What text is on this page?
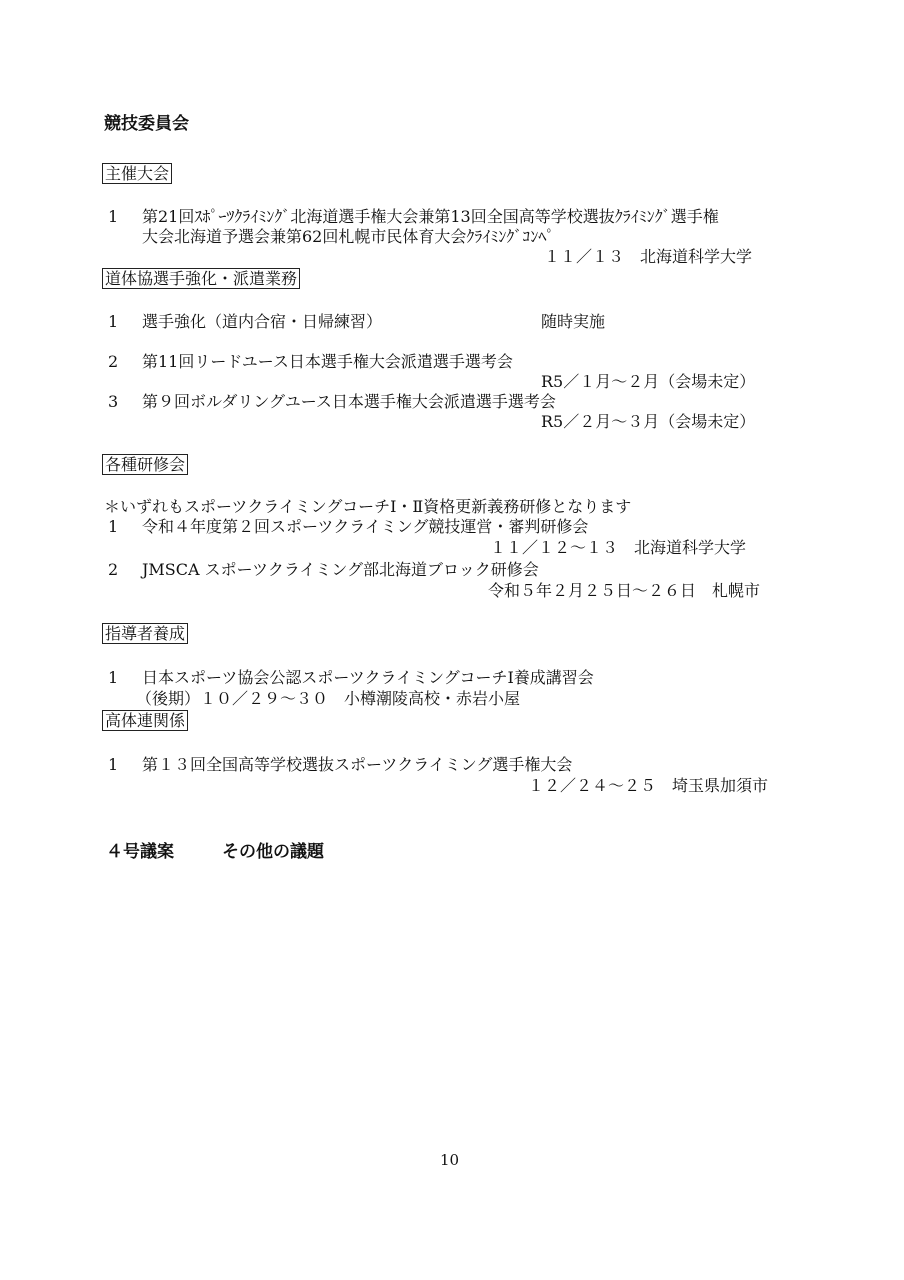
競技委員会
主催大会
1 第21回ｽﾎﾟｰﾂｸﾗｲﾐﾝｸﾞ北海道選手権大会兼第13回全国高等学校選抜ｸﾗｲﾐﾝｸﾞ選手権
大会北海道予選会兼第62回札幌市民体育大会ｸﾗｲﾐﾝｸﾞｺﾝﾍﾟ
１１／１３　北海道科学大学
道体協選手強化・派遣業務
1 選手強化（道内合宿・日帰練習）	随時実施
2 第11回リードユース日本選手権大会派遣選手選考会
R5／１月～２月（会場未定）
3 第９回ボルダリングユース日本選手権大会派遣選手選考会
R5／２月～３月（会場未定）
各種研修会
＊いずれもスポーツクライミングコーチⅠ・Ⅱ資格更新義務研修となります
1 令和４年度第２回スポーツクライミング競技運営・審判研修会
１１／１２～１３　北海道科学大学
2 JMSCA スポーツクライミング部北海道ブロック研修会
令和５年２月２５日～２６日　札幌市
指導者養成
1 日本スポーツ協会公認スポーツクライミングコーチⅠ養成講習会
（後期）１０／２９～３０　小樽潮陵高校・赤岩小屋
高体連関係
1 第１３回全国高等学校選抜スポーツクライミング選手権大会
１２／２４～２５　埼玉県加須市
４号議案	その他の議題
10
